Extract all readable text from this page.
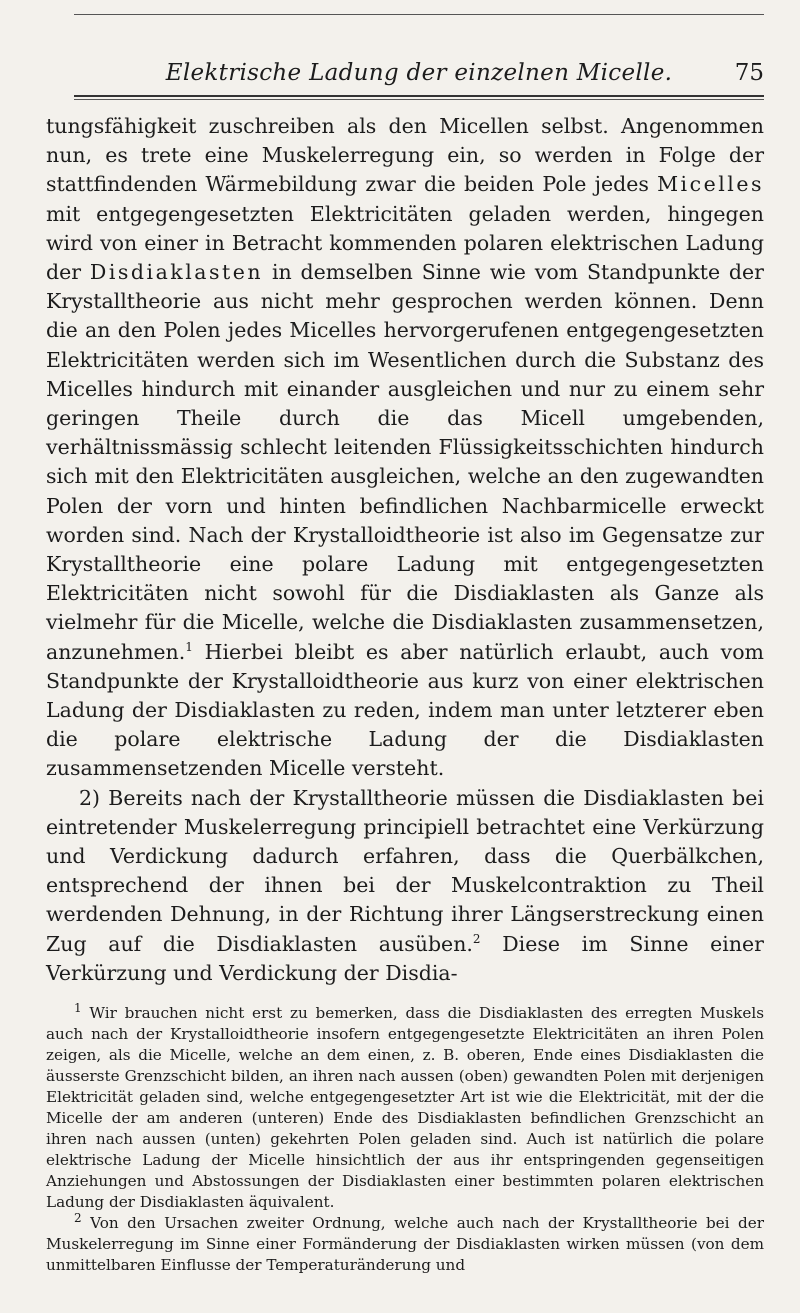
Elektrische Ladung der einzelnen Micelle.	75

tungsfähigkeit zuschreiben als den Micellen selbst. Angenommen nun, es trete eine Muskelerregung ein, so werden in Folge der stattfindenden Wärmebildung zwar die beiden Pole jedes Micelles mit entgegengesetzten Elektricitäten geladen werden, hingegen wird von einer in Betracht kommenden polaren elektrischen Ladung der Disdiaklasten in demselben Sinne wie vom Standpunkte der Krystalltheorie aus nicht mehr gesprochen werden können. Denn die an den Polen jedes Micelles hervorgerufenen entgegengesetzten Elektricitäten werden sich im Wesentlichen durch die Substanz des Micelles hindurch mit einander ausgleichen und nur zu einem sehr geringen Theile durch die das Micell umgebenden, verhältnissmässig schlecht leitenden Flüssigkeitsschichten hindurch sich mit den Elektricitäten ausgleichen, welche an den zugewandten Polen der vorn und hinten befindlichen Nachbarmicelle erweckt worden sind. Nach der Krystalloidtheorie ist also im Gegensatze zur Krystalltheorie eine polare Ladung mit entgegengesetzten Elektricitäten nicht sowohl für die Disdiaklasten als Ganze als vielmehr für die Micelle, welche die Disdiaklasten zusammensetzen, anzunehmen.$^1$ Hierbei bleibt es aber natürlich erlaubt, auch vom Standpunkte der Krystalloidtheorie aus kurz von einer elektrischen Ladung der Disdiaklasten zu reden, indem man unter letzterer eben die polare elektrische Ladung der die Disdiaklasten zusammensetzenden Micelle versteht.

2) Bereits nach der Krystalltheorie müssen die Disdiaklasten bei eintretender Muskelerregung principiell betrachtet eine Verkürzung und Verdickung dadurch erfahren, dass die Querbälkchen, entsprechend der ihnen bei der Muskelcontraktion zu Theil werdenden Dehnung, in der Richtung ihrer Längserstreckung einen Zug auf die Disdiaklasten ausüben.$^2$ Diese im Sinne einer Verkürzung und Verdickung der Disdia-

$^1$ Wir brauchen nicht erst zu bemerken, dass die Disdiaklasten des erregten Muskels auch nach der Krystalloidtheorie insofern entgegengesetzte Elektricitäten an ihren Polen zeigen, als die Micelle, welche an dem einen, z. B. oberen, Ende eines Disdiaklasten die äusserste Grenzschicht bilden, an ihren nach aussen (oben) gewandten Polen mit derjenigen Elektricität geladen sind, welche entgegengesetzter Art ist wie die Elektricität, mit der die Micelle der am anderen (unteren) Ende des Disdiaklasten befindlichen Grenzschicht an ihren nach aussen (unten) gekehrten Polen geladen sind. Auch ist natürlich die polare elektrische Ladung der Micelle hinsichtlich der aus ihr entspringenden gegenseitigen Anziehungen und Abstossungen der Disdiaklasten einer bestimmten polaren elektrischen Ladung der Disdiaklasten äquivalent.

$^2$ Von den Ursachen zweiter Ordnung, welche auch nach der Krystalltheorie bei der Muskelerregung im Sinne einer Formänderung der Disdiaklasten wirken müssen (von dem unmittelbaren Einflusse der Temperaturänderung und
